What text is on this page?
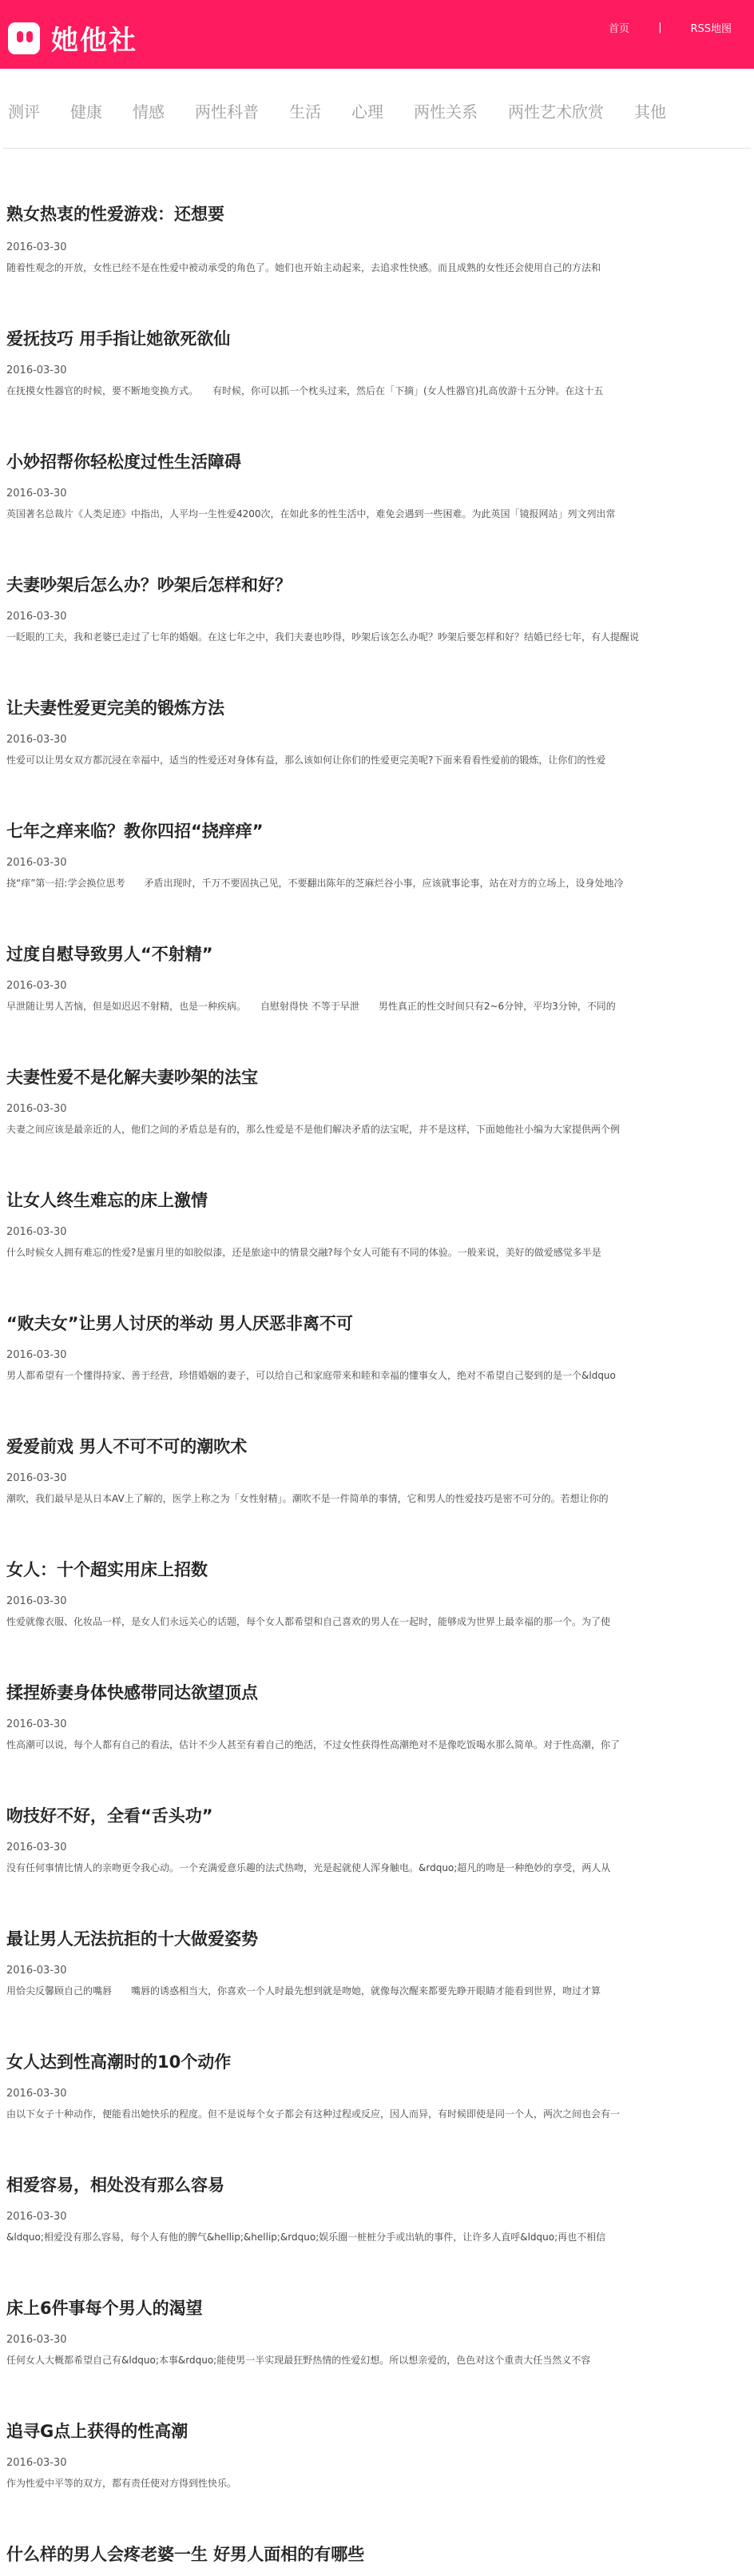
她他社	首页	|	RSS地图
测评 健康 情感 两性科普 生活 心理 两性关系 两性艺术欣赏 其他
熟女热衷的性爱游戏：还想要
2016-03-30
随着性观念的开放，女性已经不是在性爱中被动承受的角色了。她们也开始主动起来，去追求性快感。而且成熟的女性还会使用自己的方法和
爱抚技巧 用手指让她欲死欲仙
2016-03-30
在抚摸女性器官的时候，要不断地变换方式。　　有时候，你可以抓一个枕头过来，然后在「下摘」(女人性器官)扎高放游十五分钟。在这十五
小妙招帮你轻松度过性生活障碍
2016-03-30
英国著名总裁片《人类足迹》中指出，人平均一生性爱4200次，在如此多的性生活中，难免会遇到一些困难。为此英国「镜报网站」列文列出常
夫妻吵架后怎么办？吵架后怎样和好？
2016-03-30
一眨眼的工夫，我和老婆已走过了七年的婚姻。在这七年之中，我们夫妻也吵得，吵架后该怎么办呢？吵架后要怎样和好？结婚已经七年，有人提醒说
让夫妻性爱更完美的锻炼方法
2016-03-30
性爱可以让男女双方都沉浸在幸福中，适当的性爱还对身体有益，那么该如何让你们的性爱更完美呢?下面来看看性爱前的锻炼，让你们的性爱
七年之痒来临？教你四招“挠痒痒”
2016-03-30
挠“痒”第一招:学会换位思考　　矛盾出现时，千万不要固执己见，不要翻出陈年的芝麻烂谷小事，应该就事论事，站在对方的立场上，设身处地冷
过度自慰导致男人“不射精”
2016-03-30
早泄随让男人苦恼，但是如迟迟不射精，也是一种疾病。　　自慰射得快 不等于早泄　　男性真正的性交时间只有2~6分钟，平均3分钟，不同的
夫妻性爱不是化解夫妻吵架的法宝
2016-03-30
夫妻之间应该是最亲近的人，他们之间的矛盾总是有的，那么性爱是不是他们解决矛盾的法宝呢，并不是这样，下面她他社小编为大家提供两个例
让女人终生难忘的床上激情
2016-03-30
什么时候女人拥有难忘的性爱?是蜜月里的如胶似漆，还是旅途中的情景交融?每个女人可能有不同的体验。一般来说，美好的做爱感觉多半是
“败夫女”让男人讨厌的举动 男人厌恶非离不可
2016-03-30
男人都希望有一个懂得持家、善于经营，珍惜婚姻的妻子，可以给自己和家庭带来和睦和幸福的懂事女人，绝对不希望自己娶到的是一个&ldquo
爱爱前戏 男人不可不可的潮吹术
2016-03-30
潮吹，我们最早是从日本AV上了解的，医学上称之为「女性射精」。潮吹不是一件简单的事情，它和男人的性爱技巧是密不可分的。若想让你的
女人：十个超实用床上招数
2016-03-30
性爱就像衣服、化妆品一样，是女人们永远关心的话题，每个女人都希望和自己喜欢的男人在一起时，能够成为世界上最幸福的那一个。为了使
揉捏娇妻身体快感带同达欲望顶点
2016-03-30
性高潮可以说，每个人都有自己的看法，估计不少人甚至有着自己的绝活，不过女性获得性高潮绝对不是像吃饭喝水那么简单。对于性高潮，你了
吻技好不好，全看“舌头功”
2016-03-30
没有任何事情比情人的亲吻更令我心动。一个充满爱意乐趣的法式热吻，光是起就使人浑身触电。&rdquo;超凡的吻是一种绝妙的享受，两人从
最让男人无法抗拒的十大做爱姿势
2016-03-30
用恰尖反馨顾自己的嘴唇　　嘴唇的诱惑相当大，你喜欢一个人时最先想到就是吻她，就像每次醒来都要先睁开眼睛才能看到世界，吻过才算
女人达到性高潮时的10个动作
2016-03-30
由以下女子十种动作，便能看出她快乐的程度。但不是说每个女子都会有这种过程或反应，因人而异，有时候即使是同一个人，两次之间也会有一
相爱容易，相处没有那么容易
2016-03-30
&ldquo;相爱没有那么容易，每个人有他的脾气&hellip;&hellip;&rdquo;娱乐圈一桩桩分手或出轨的事件，让许多人直呼&ldquo;再也不相信
床上6件事每个男人的渴望
2016-03-30
任何女人大概都希望自己有&ldquo;本事&rdquo;能使男一半实现最狂野热情的性爱幻想。所以想亲爱的，色色对这个重责大任当然义不容
追寻G点上获得的性高潮
2016-03-30
作为性爱中平等的双方，都有责任使对方得到性快乐。
什么样的男人会疼老婆一生 好男人面相的有哪些
